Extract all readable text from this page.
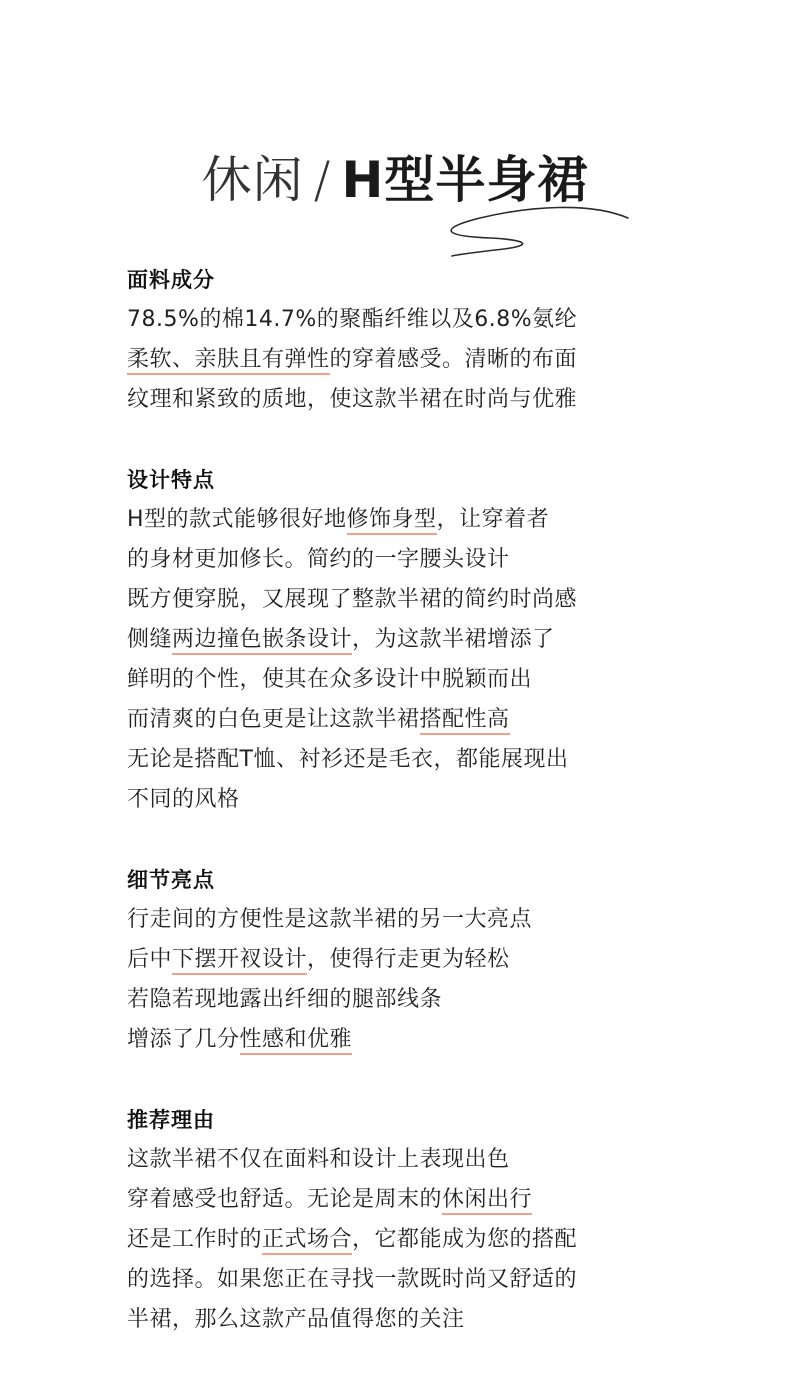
休闲 / H型半身裙
面料成分
78.5%的棉14.7%的聚酯纤维以及6.8%氨纶
柔软、亲肤且有弹性的穿着感受。清晰的布面
纹理和紧致的质地，使这款半裙在时尚与优雅
设计特点
H型的款式能够很好地修饰身型，让穿着者
的身材更加修长。简约的一字腰头设计
既方便穿脱，又展现了整款半裙的简约时尚感
侧缝两边撞色嵌条设计，为这款半裙增添了
鲜明的个性，使其在众多设计中脱颖而出
而清爽的白色更是让这款半裙搭配性高
无论是搭配T恤、衬衫还是毛衣，都能展现出
不同的风格
细节亮点
行走间的方便性是这款半裙的另一大亮点
后中下摆开衩设计，使得行走更为轻松
若隐若现地露出纤细的腿部线条
增添了几分性感和优雅
推荐理由
这款半裙不仅在面料和设计上表现出色
穿着感受也舒适。无论是周末的休闲出行
还是工作时的正式场合，它都能成为您的搭配
的选择。如果您正在寻找一款既时尚又舒适的
半裙，那么这款产品值得您的关注
